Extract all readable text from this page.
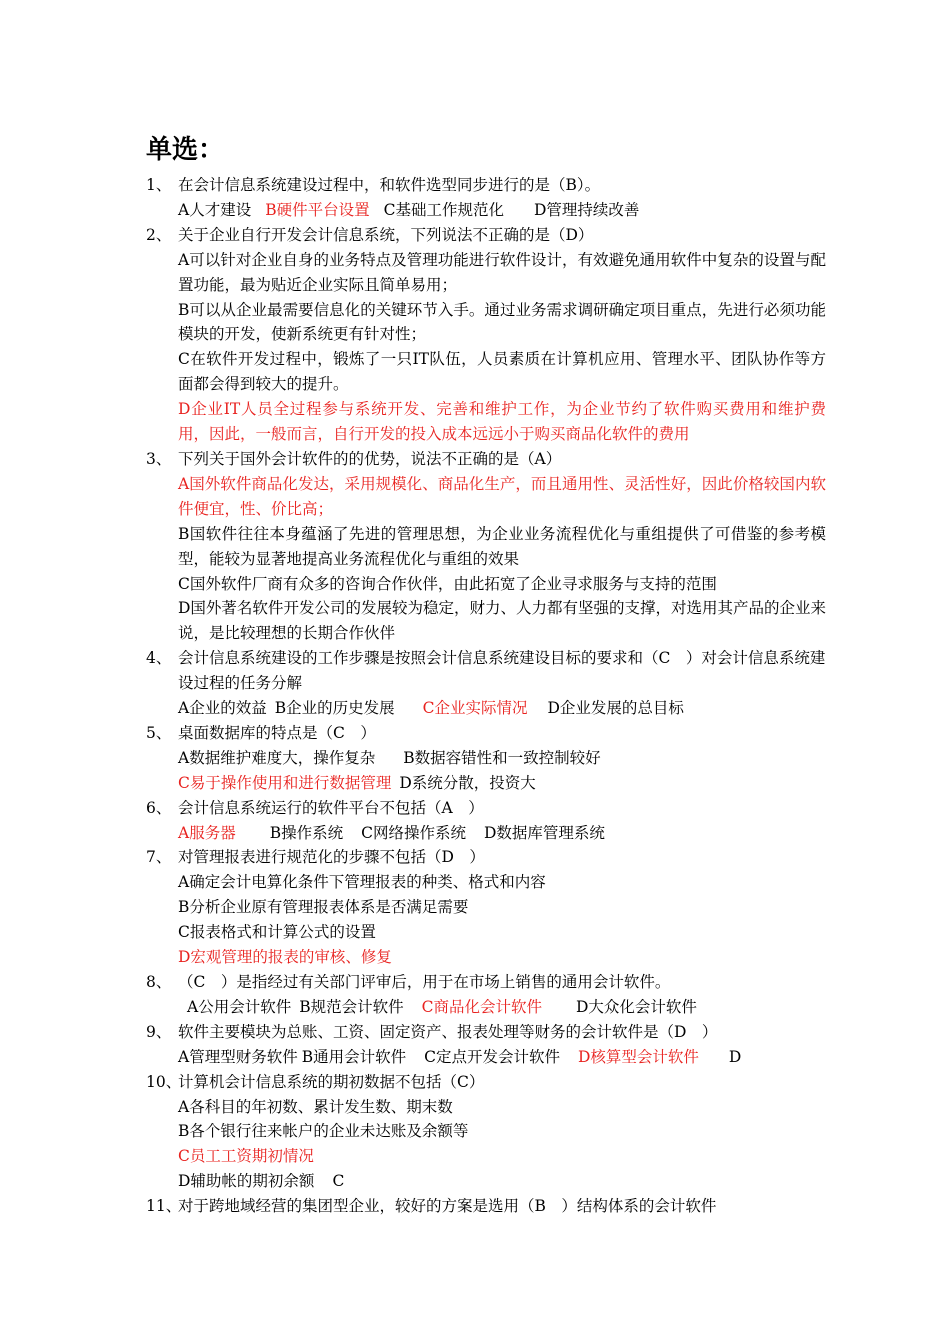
单选：
1、 在会计信息系统建设过程中，和软件选型同步进行的是（B）。
A人才建设 B硬件平台设置 C基础工作规范化 D管理持续改善
2、 关于企业自行开发会计信息系统，下列说法不正确的是（D）
A可以针对企业自身的业务特点及管理功能进行软件设计，有效避免通用软件中复杂的设置与配置功能，最为贴近企业实际且简单易用；
B可以从企业最需要信息化的关键环节入手。通过业务需求调研确定项目重点，先进行必须功能模块的开发，使新系统更有针对性；
C在软件开发过程中，锻炼了一只IT队伍，人员素质在计算机应用、管理水平、团队协作等方面都会得到较大的提升。
D企业IT人员全过程参与系统开发、完善和维护工作，为企业节约了软件购买费用和维护费用，因此，一般而言，自行开发的投入成本远远小于购买商品化软件的费用
3、 下列关于国外会计软件的的优势，说法不正确的是（A）
A国外软件商品化发达，采用规模化、商品化生产，而且通用性、灵活性好，因此价格较国内软件便宜，性、价比高；
B国软件往往本身蕴涵了先进的管理思想，为企业业务流程优化与重组提供了可借鉴的参考模型，能较为显著地提高业务流程优化与重组的效果
C国外软件厂商有众多的咨询合作伙伴，由此拓宽了企业寻求服务与支持的范围
D国外著名软件开发公司的发展较为稳定，财力、人力都有坚强的支撑，对选用其产品的企业来说，是比较理想的长期合作伙伴
4、 会计信息系统建设的工作步骤是按照会计信息系统建设目标的要求和（C　）对会计信息系统建设过程的任务分解
A企业的效益 B企业的历史发展 C企业实际情况 D企业发展的总目标
5、 桌面数据库的特点是（C　）
A数据维护难度大，操作复杂 B数据容错性和一致控制较好
C易于操作使用和进行数据管理 D系统分散，投资大
6、 会计信息系统运行的软件平台不包括（A　）
A服务器 B操作系统 C网络操作系统 D数据库管理系统
7、 对管理报表进行规范化的步骤不包括（D　）
A确定会计电算化条件下管理报表的种类、格式和内容
B分析企业原有管理报表体系是否满足需要
C报表格式和计算公式的设置
D宏观管理的报表的审核、修复
8、 （C　）是指经过有关部门评审后，用于在市场上销售的通用会计软件。
A公用会计软件 B规范会计软件 C商品化会计软件 D大众化会计软件
9、 软件主要模块为总账、工资、固定资产、报表处理等财务的会计软件是（D　）
A管理型财务软件 B通用会计软件 C定点开发会计软件 D核算型会计软件 D
10、
计算机会计信息系统的期初数据不包括（C）
A各科目的年初数、累计发生数、期末数
B各个银行往来帐户的企业未达账及余额等
C员工工资期初情况
D辅助帐的期初余额 C
11、
对于跨地域经营的集团型企业，较好的方案是选用（B　）结构体系的会计软件
